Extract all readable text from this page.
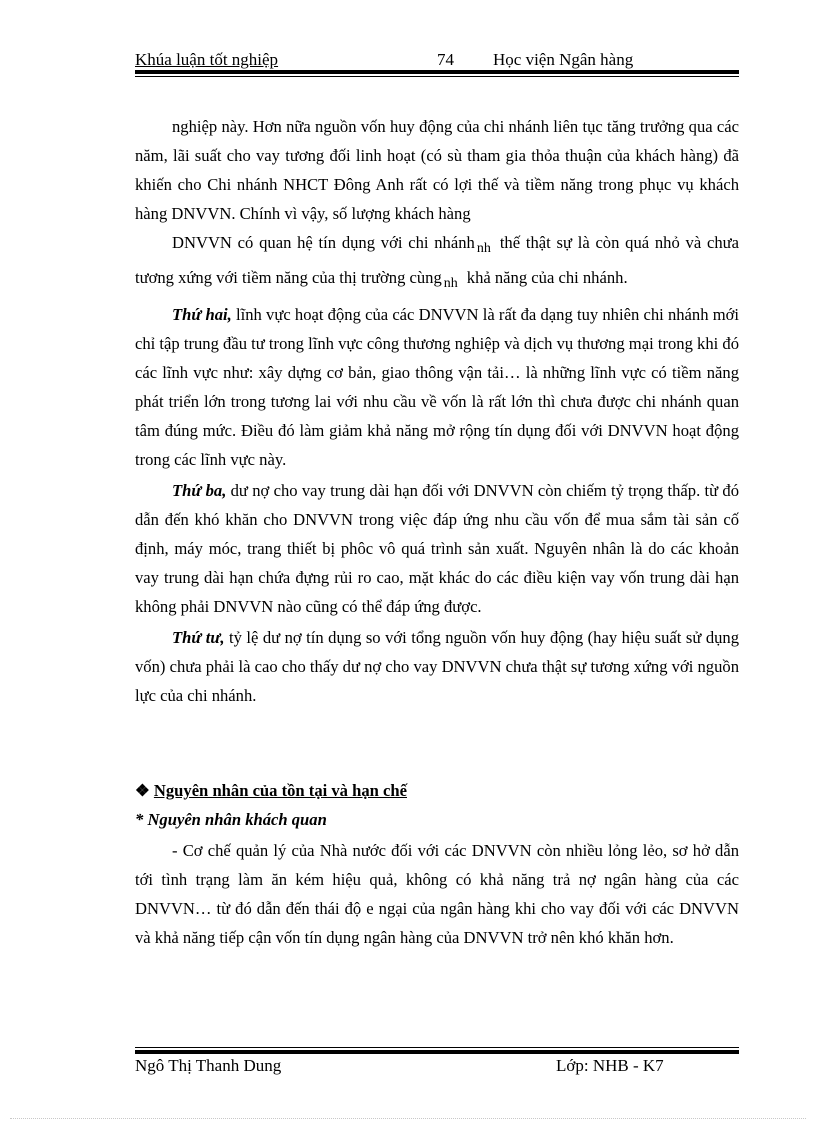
Khúa luận tốt nghiệp	74 Học viện Ngân hàng

nghiệp này. Hơn nữa nguồn vốn huy động của chi nhánh liên tục tăng trưởng qua các năm, lãi suất cho vay tương đối linh hoạt (có sù tham gia thỏa thuận của khách hàng) đã khiến cho Chi nhánh NHCT Đông Anh rất có lợi thế và tiềm năng trong phục vụ khách hàng DNVVN. Chính vì vậy, số lượng khách hàng

DNVVN có quan hệ tín dụng với chi nhánh $_{nh}$ thế thật sự là còn quá nhỏ và chưa tương xứng với tiềm năng của thị trường cùng $_{nh}$ khả năng của chi nhánh.

Thứ hai, lĩnh vực hoạt động của các DNVVN là rất đa dạng tuy nhiên chi nhánh mới chỉ tập trung đầu tư trong lĩnh vực công thương nghiệp và dịch vụ thương mại trong khi đó các lĩnh vực như: xây dựng cơ bản, giao thông vận tải… là những lĩnh vực có tiềm năng phát triển lớn trong tương lai với nhu cầu về vốn là rất lớn thì chưa được chi nhánh quan tâm đúng mức. Điều đó làm giảm khả năng mở rộng tín dụng đối với DNVVN hoạt động trong các lĩnh vực này.

Thứ ba, dư nợ cho vay trung dài hạn đối với DNVVN còn chiếm tỷ trọng thấp. từ đó dẫn đến khó khăn cho DNVVN trong việc đáp ứng nhu cầu vốn để mua sắm tài sản cố định, máy móc, trang thiết bị phôc vô quá trình sản xuất. Nguyên nhân là do các khoản vay trung dài hạn chứa đựng rủi ro cao, mặt khác do các điều kiện vay vốn trung dài hạn không phải DNVVN nào cũng có thể đáp ứng được.

Thứ tư, tỷ lệ dư nợ tín dụng so với tổng nguồn vốn huy động (hay hiệu suất sử dụng vốn) chưa phải là cao cho thấy dư nợ cho vay DNVVN chưa thật sự tương xứng với nguồn lực của chi nhánh.

❖ Nguyên nhân của tồn tại và hạn chế
* Nguyên nhân khách quan

- Cơ chế quản lý của Nhà nước đối với các DNVVN còn nhiều lỏng lẻo, sơ hở dẫn tới tình trạng làm ăn kém hiệu quả, không có khả năng trả nợ ngân hàng của các DNVVN… từ đó dẫn đến thái độ e ngại của ngân hàng khi cho vay đối với các DNVVN và khả năng tiếp cận vốn tín dụng ngân hàng của DNVVN trở nên khó khăn hơn.

Ngô Thị Thanh Dung	Lớp: NHB - K7
